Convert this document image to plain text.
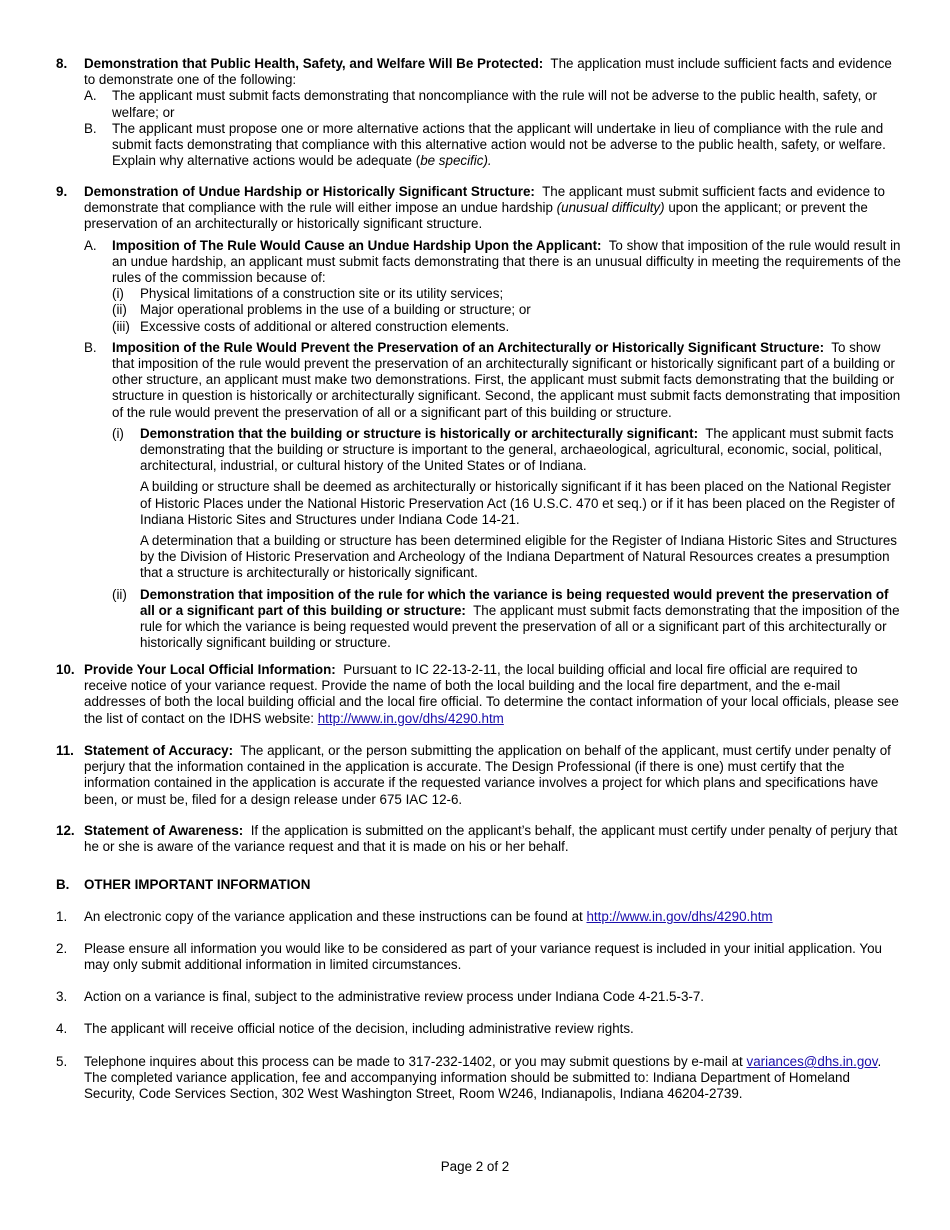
8. Demonstration that Public Health, Safety, and Welfare Will Be Protected: The application must include sufficient facts and evidence to demonstrate one of the following:

A. The applicant must submit facts demonstrating that noncompliance with the rule will not be adverse to the public health, safety, or welfare; or
B. The applicant must propose one or more alternative actions that the applicant will undertake in lieu of compliance with the rule and submit facts demonstrating that compliance with this alternative action would not be adverse to the public health, safety, or welfare. Explain why alternative actions would be adequate (be specific).
9. Demonstration of Undue Hardship or Historically Significant Structure: The applicant must submit sufficient facts and evidence to demonstrate that compliance with the rule will either impose an undue hardship (unusual difficulty) upon the applicant; or prevent the preservation of an architecturally or historically significant structure.

A. Imposition of The Rule Would Cause an Undue Hardship Upon the Applicant: To show that imposition of the rule would result in an undue hardship, an applicant must submit facts demonstrating that there is an unusual difficulty in meeting the requirements of the rules of the commission because of:

(i) Physical limitations of a construction site or its utility services;
(ii) Major operational problems in the use of a building or structure; or
(iii) Excessive costs of additional or altered construction elements.
B. Imposition of the Rule Would Prevent the Preservation of an Architecturally or Historically Significant Structure: To show that imposition of the rule would prevent the preservation of an architecturally significant or historically significant part of a building or other structure, an applicant must make two demonstrations. First, the applicant must submit facts demonstrating that the building or structure in question is historically or architecturally significant. Second, the applicant must submit facts demonstrating that imposition of the rule would prevent the preservation of all or a significant part of this building or structure.

(i) Demonstration that the building or structure is historically or architecturally significant: The applicant must submit facts demonstrating that the building or structure is important to the general, archaeological, agricultural, economic, social, political, architectural, industrial, or cultural history of the United States or of Indiana.

A building or structure shall be deemed as architecturally or historically significant if it has been placed on the National Register of Historic Places under the National Historic Preservation Act (16 U.S.C. 470 et seq.) or if it has been placed on the Register of Indiana Historic Sites and Structures under Indiana Code 14-21.

A determination that a building or structure has been determined eligible for the Register of Indiana Historic Sites and Structures by the Division of Historic Preservation and Archeology of the Indiana Department of Natural Resources creates a presumption that a structure is architecturally or historically significant.

(ii) Demonstration that imposition of the rule for which the variance is being requested would prevent the preservation of all or a significant part of this building or structure: The applicant must submit facts demonstrating that the imposition of the rule for which the variance is being requested would prevent the preservation of all or a significant part of this architecturally or historically significant building or structure.

10. Provide Your Local Official Information: Pursuant to IC 22-13-2-11, the local building official and local fire official are required to receive notice of your variance request. Provide the name of both the local building and the local fire department, and the e-mail addresses of both the local building official and the local fire official. To determine the contact information of your local officials, please see the list of contact on the IDHS website: http://www.in.gov/dhs/4290.htm

11. Statement of Accuracy: The applicant, or the person submitting the application on behalf of the applicant, must certify under penalty of perjury that the information contained in the application is accurate. The Design Professional (if there is one) must certify that the information contained in the application is accurate if the requested variance involves a project for which plans and specifications have been, or must be, filed for a design release under 675 IAC 12-6.

12. Statement of Awareness: If the application is submitted on the applicant’s behalf, the applicant must certify under penalty of perjury that he or she is aware of the variance request and that it is made on his or her behalf.

B. OTHER IMPORTANT INFORMATION
1. An electronic copy of the variance application and these instructions can be found at http://www.in.gov/dhs/4290.htm
2. Please ensure all information you would like to be considered as part of your variance request is included in your initial application. You may only submit additional information in limited circumstances.
3. Action on a variance is final, subject to the administrative review process under Indiana Code 4-21.5-3-7.
4. The applicant will receive official notice of the decision, including administrative review rights.
5. Telephone inquires about this process can be made to 317-232-1402, or you may submit questions by e-mail at variances@dhs.in.gov. The completed variance application, fee and accompanying information should be submitted to: Indiana Department of Homeland Security, Code Services Section, 302 West Washington Street, Room W246, Indianapolis, Indiana 46204-2739.
Page 2 of 2
